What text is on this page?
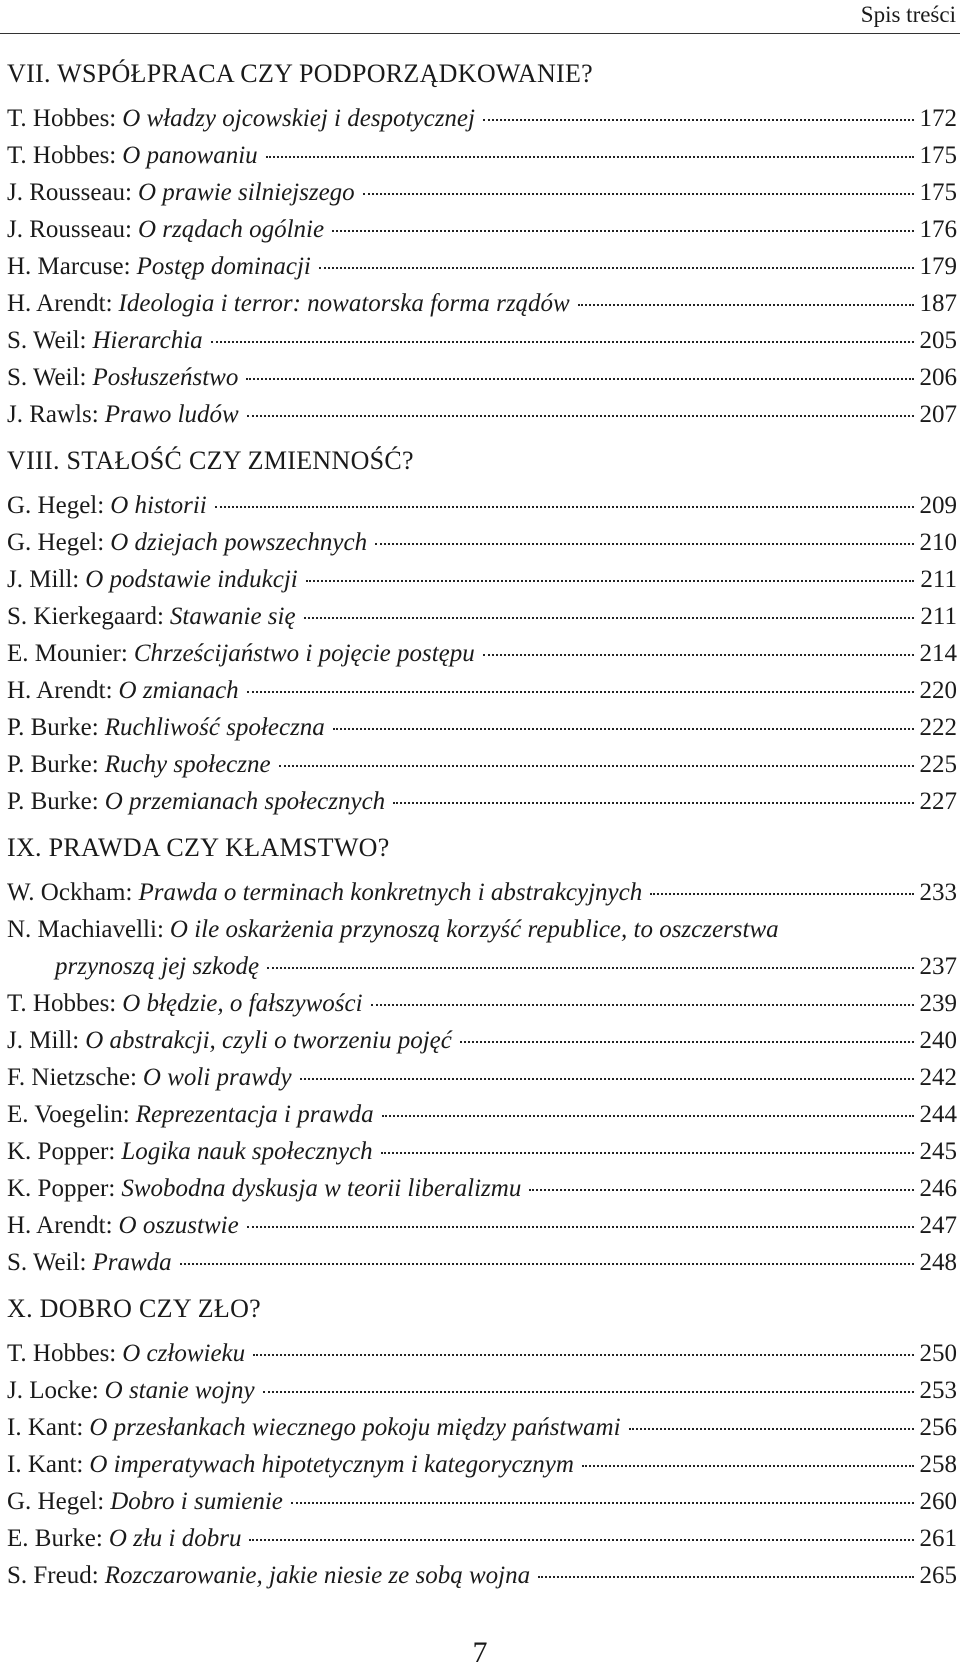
Spis treści
VII. WSPÓŁPRACA CZY PODPORZĄDKOWANIE?
T. Hobbes: O władzy ojcowskiej i despotycznej	172
T. Hobbes: O panowaniu	175
J. Rousseau: O prawie silniejszego	175
J. Rousseau: O rządach ogólnie	176
H. Marcuse: Postęp dominacji	179
H. Arendt: Ideologia i terror: nowatorska forma rządów	187
S. Weil: Hierarchia	205
S. Weil: Posłuszeństwo	206
J. Rawls: Prawo ludów	207
VIII. STAŁOŚĆ CZY ZMIENNOŚĆ?
G. Hegel: O historii	209
G. Hegel: O dziejach powszechnych	210
J. Mill: O podstawie indukcji	211
S. Kierkegaard: Stawanie się	211
E. Mounier: Chrześcijaństwo i pojęcie postępu	214
H. Arendt: O zmianach	220
P. Burke: Ruchliwość społeczna	222
P. Burke: Ruchy społeczne	225
P. Burke: O przemianach społecznych	227
IX. PRAWDA CZY KŁAMSTWO?
W. Ockham: Prawda o terminach konkretnych i abstrakcyjnych	233
N. Machiavelli: O ile oskarżenia przynoszą korzyść republice, to oszczerstwa
przynoszą jej szkodę	237
T. Hobbes: O błędzie, o fałszywości	239
J. Mill: O abstrakcji, czyli o tworzeniu pojęć	240
F. Nietzsche: O woli prawdy	242
E. Voegelin: Reprezentacja i prawda	244
K. Popper: Logika nauk społecznych	245
K. Popper: Swobodna dyskusja w teorii liberalizmu	246
H. Arendt: O oszustwie	247
S. Weil: Prawda	248
X. DOBRO CZY ZŁO?
T. Hobbes: O człowieku	250
J. Locke: O stanie wojny	253
I. Kant: O przesłankach wiecznego pokoju między państwami	256
I. Kant: O imperatywach hipotetycznym i kategorycznym	258
G. Hegel: Dobro i sumienie	260
E. Burke: O złu i dobru	261
S. Freud: Rozczarowanie, jakie niesie ze sobą wojna	265
7
